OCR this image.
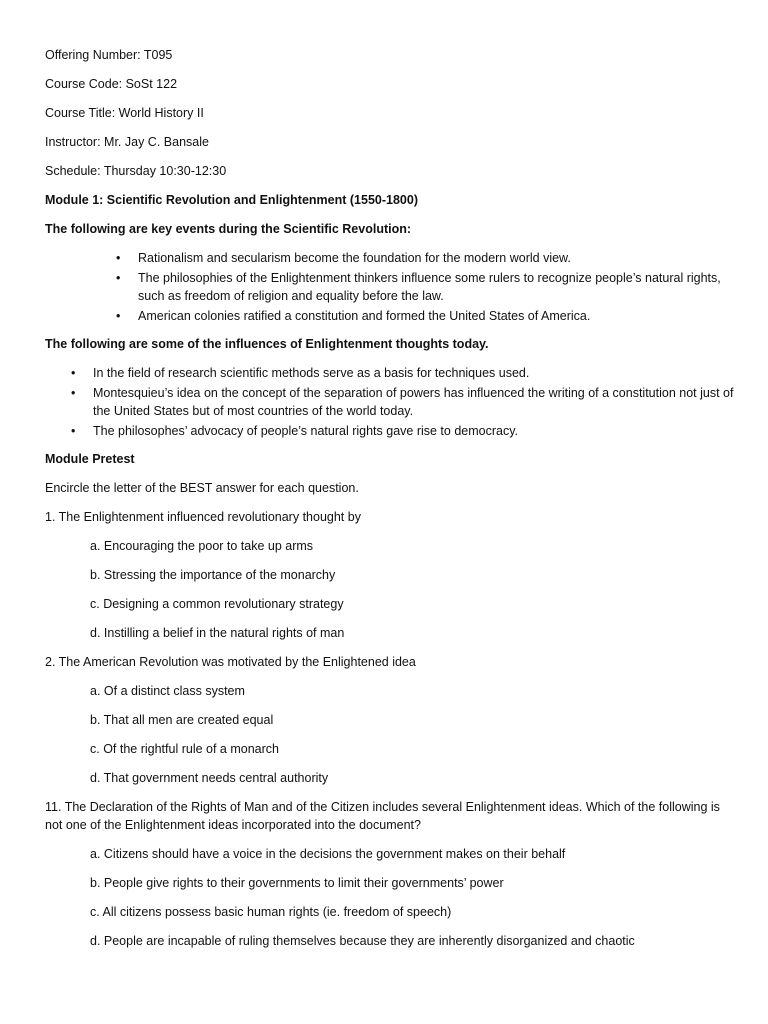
Offering Number: T095
Course Code: SoSt 122
Course Title: World History II
Instructor: Mr. Jay C. Bansale
Schedule: Thursday 10:30-12:30
Module 1: Scientific Revolution and Enlightenment (1550-1800)
The following are key events during the Scientific Revolution:
• Rationalism and secularism become the foundation for the modern world view.
• The philosophies of the Enlightenment thinkers influence some rulers to recognize people’s natural rights, such as freedom of religion and equality before the law.
• American colonies ratified a constitution and formed the United States of America.
The following are some of the influences of Enlightenment thoughts today.
• In the field of research scientific methods serve as a basis for techniques used.
• Montesquieu’s idea on the concept of the separation of powers has influenced the writing of a constitution not just of the United States but of most countries of the world today.
• The philosophes’ advocacy of people’s natural rights gave rise to democracy.
Module Pretest
Encircle the letter of the BEST answer for each question.
1. The Enlightenment influenced revolutionary thought by
a. Encouraging the poor to take up arms
b. Stressing the importance of the monarchy
c. Designing a common revolutionary strategy
d. Instilling a belief in the natural rights of man
2. The American Revolution was motivated by the Enlightened idea
a. Of a distinct class system
b. That all men are created equal
c. Of the rightful rule of a monarch
d. That government needs central authority
11. The Declaration of the Rights of Man and of the Citizen includes several Enlightenment ideas. Which of the following is not one of the Enlightenment ideas incorporated into the document?
a. Citizens should have a voice in the decisions the government makes on their behalf
b. People give rights to their governments to limit their governments’ power
c. All citizens possess basic human rights (ie. freedom of speech)
d. People are incapable of ruling themselves because they are inherently disorganized and chaotic
